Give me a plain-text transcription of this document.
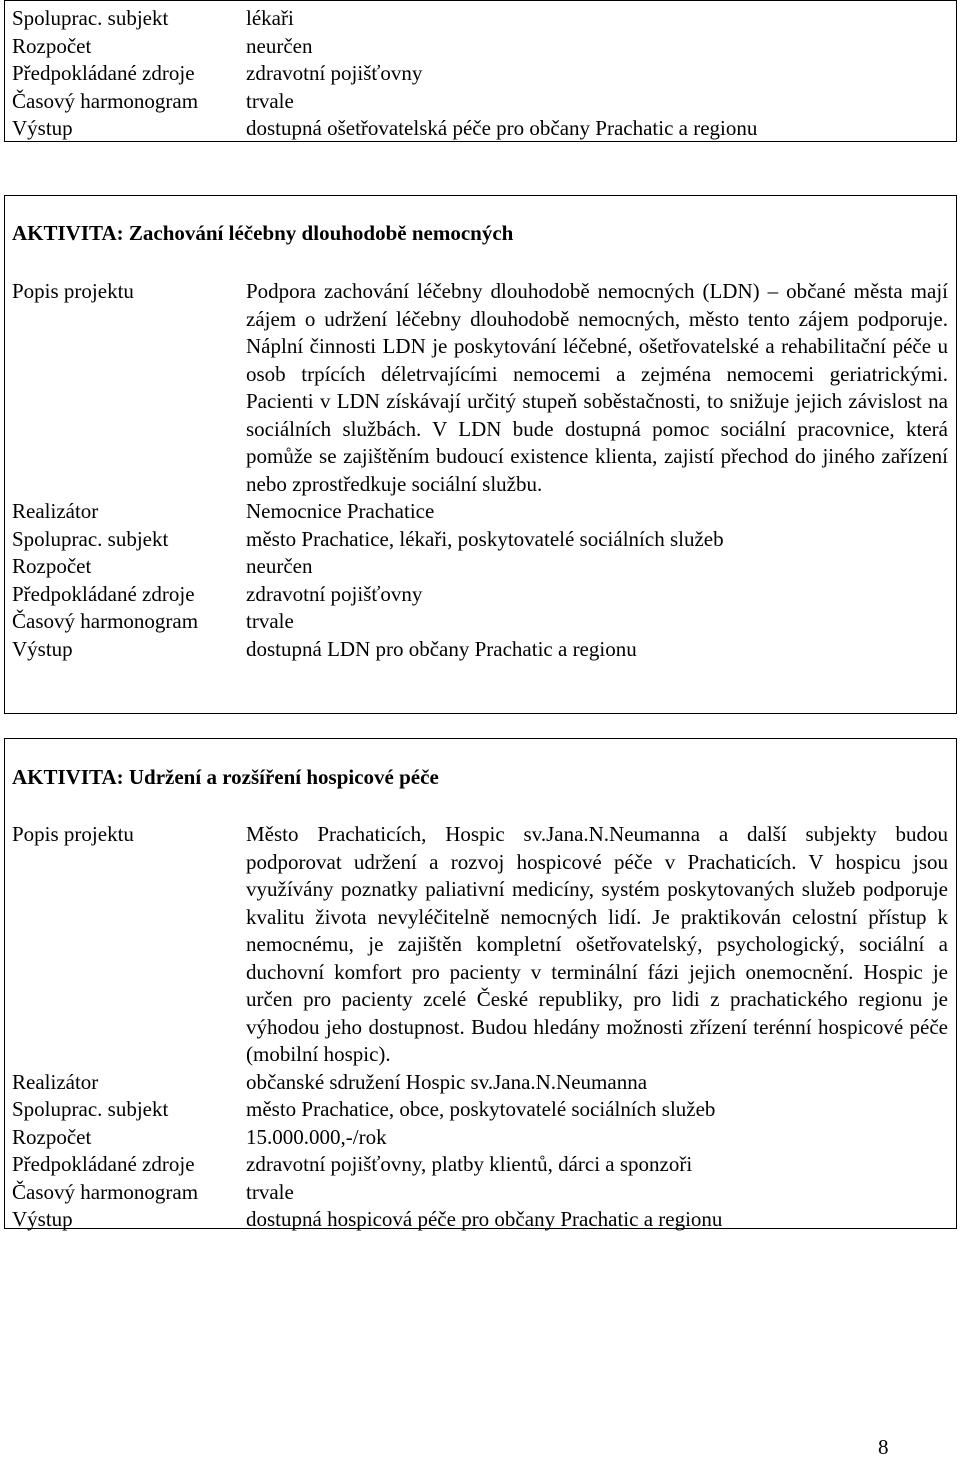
Spoluprac. subjekt	lékaři
Rozpočet	neurčen
Předpokládané zdroje	zdravotní pojišťovny
Časový harmonogram	trvale
Výstup	dostupná ošetřovatelská péče pro občany Prachatic a regionu
AKTIVITA: Zachování léčebny dlouhodobě nemocných
Popis projektu	Podpora zachování léčebny dlouhodobě nemocných (LDN) – občané města mají zájem o udržení léčebny dlouhodobě nemocných, město tento zájem podporuje. Náplní činnosti LDN je poskytování léčebné, ošetřovatelské a rehabilitační péče u osob trpících déletrvajícími nemocemi a zejména nemocemi geriatrickými. Pacienti v LDN získávají určitý stupeň soběstačnosti, to snižuje jejich závislost na sociálních službách. V LDN bude dostupná pomoc sociální pracovnice, která pomůže se zajištěním budoucí existence klienta, zajistí přechod do jiného zařízení nebo zprostředkuje sociální službu.
Realizátor	Nemocnice Prachatice
Spoluprac. subjekt	město Prachatice, lékaři, poskytovatelé sociálních služeb
Rozpočet	neurčen
Předpokládané zdroje	zdravotní pojišťovny
Časový harmonogram	trvale
Výstup	dostupná LDN pro občany Prachatic a regionu
AKTIVITA: Udržení a rozšíření hospicové péče
Popis projektu	Město Prachaticích, Hospic sv.Jana.N.Neumanna a další subjekty budou podporovat udržení a rozvoj hospicové péče v Prachaticích. V hospicu jsou využívány poznatky paliativní medicíny, systém poskytovaných služeb podporuje kvalitu života nevyléčitelně nemocných lidí. Je praktikován celostní přístup k nemocnému, je zajištěn kompletní ošetřovatelský, psychologický, sociální a duchovní komfort pro pacienty v terminální fázi jejich onemocnění. Hospic je určen pro pacienty zcelé České republiky, pro lidi z prachatického regionu je výhodou jeho dostupnost. Budou hledány možnosti zřízení terénní hospicové péče (mobilní hospic).
Realizátor	občanské sdružení Hospic sv.Jana.N.Neumanna
Spoluprac. subjekt	město Prachatice, obce, poskytovatelé sociálních služeb
Rozpočet	15.000.000,-/rok
Předpokládané zdroje	zdravotní pojišťovny, platby klientů, dárci a sponzoři
Časový harmonogram	trvale
Výstup	dostupná hospicová péče pro občany Prachatic a regionu
8
